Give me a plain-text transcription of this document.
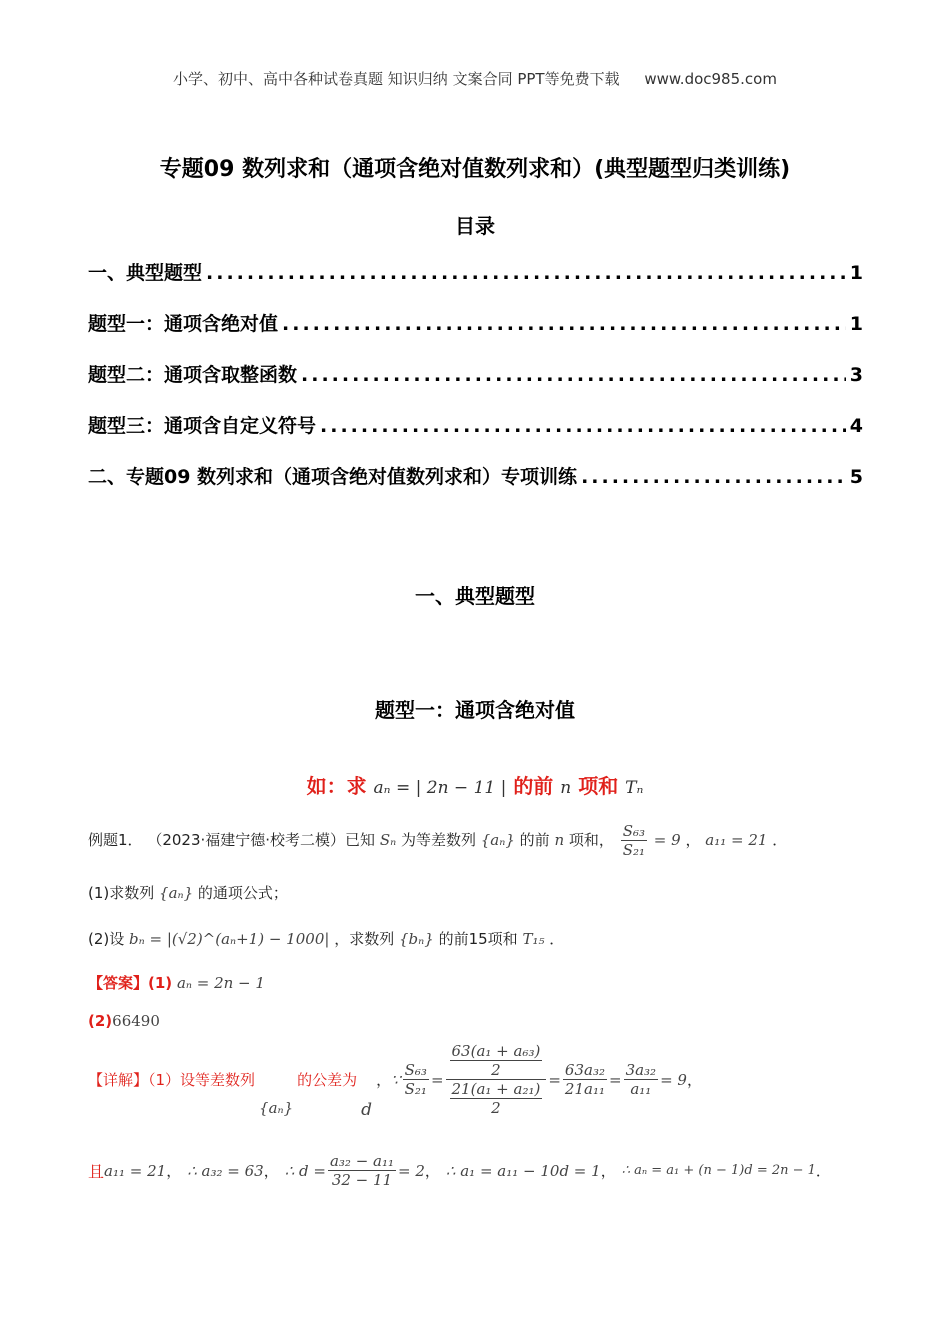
小学、初中、高中各种试卷真题 知识归纳 文案合同 PPT等免费下载 www.doc985.com
专题09 数列求和（通项含绝对值数列求和）(典型题型归类训练)
目录
一、典型题型 .....	1
题型一：通项含绝对值 .....	1
题型二：通项含取整函数 .....	3
题型三：通项含自定义符号 .....	4
二、专题09 数列求和（通项含绝对值数列求和）专项训练 .....	5
一、典型题型
题型一：通项含绝对值
如：求 aₙ = | 2n − 11 | 的前 n 项和 Tₙ
例题1． （2023·福建宁德·校考二模）已知 Sₙ 为等差数列 {aₙ} 的前 n 项和， $\frac{\text{S₆₃}}{\text{S₂₁}} = 9$ ， a₁₁ = 21 ．
(1)求数列 {aₙ} 的通项公式；
(2)设 bₙ = |(√2)^(aₙ+1) − 1000| ，求数列 {bₙ} 的前15项和 T₁₅ ．
【答案】(1) aₙ = 2n − 1
(2)66490
【详解】（1）设等差数列
{aₙ}
的公差为
d
， ∵ $\frac{\text{S₆₃}}{\text{S₂₁}} = \frac{\frac{\text{63(a₁ + a₆₃)}}{2}}{\frac{\text{21(a₁ + a₂₁)}}{2}} = \frac{\text{63a₃₂}}{\text{21a₁₁}} = \frac{\text{3a₃₂}}{\text{a₁₁}} = 9$ ，
且 a₁₁ = 21 ， ∴ a₃₂ = 63 ， ∴ $d = \frac{\text{a₃₂ − a₁₁}}{32 - 11} = 2$ ， ∴ a₁ = a₁₁ − 10d = 1 ， ∴ aₙ = a₁ + (n − 1)d = 2n − 1 ．
